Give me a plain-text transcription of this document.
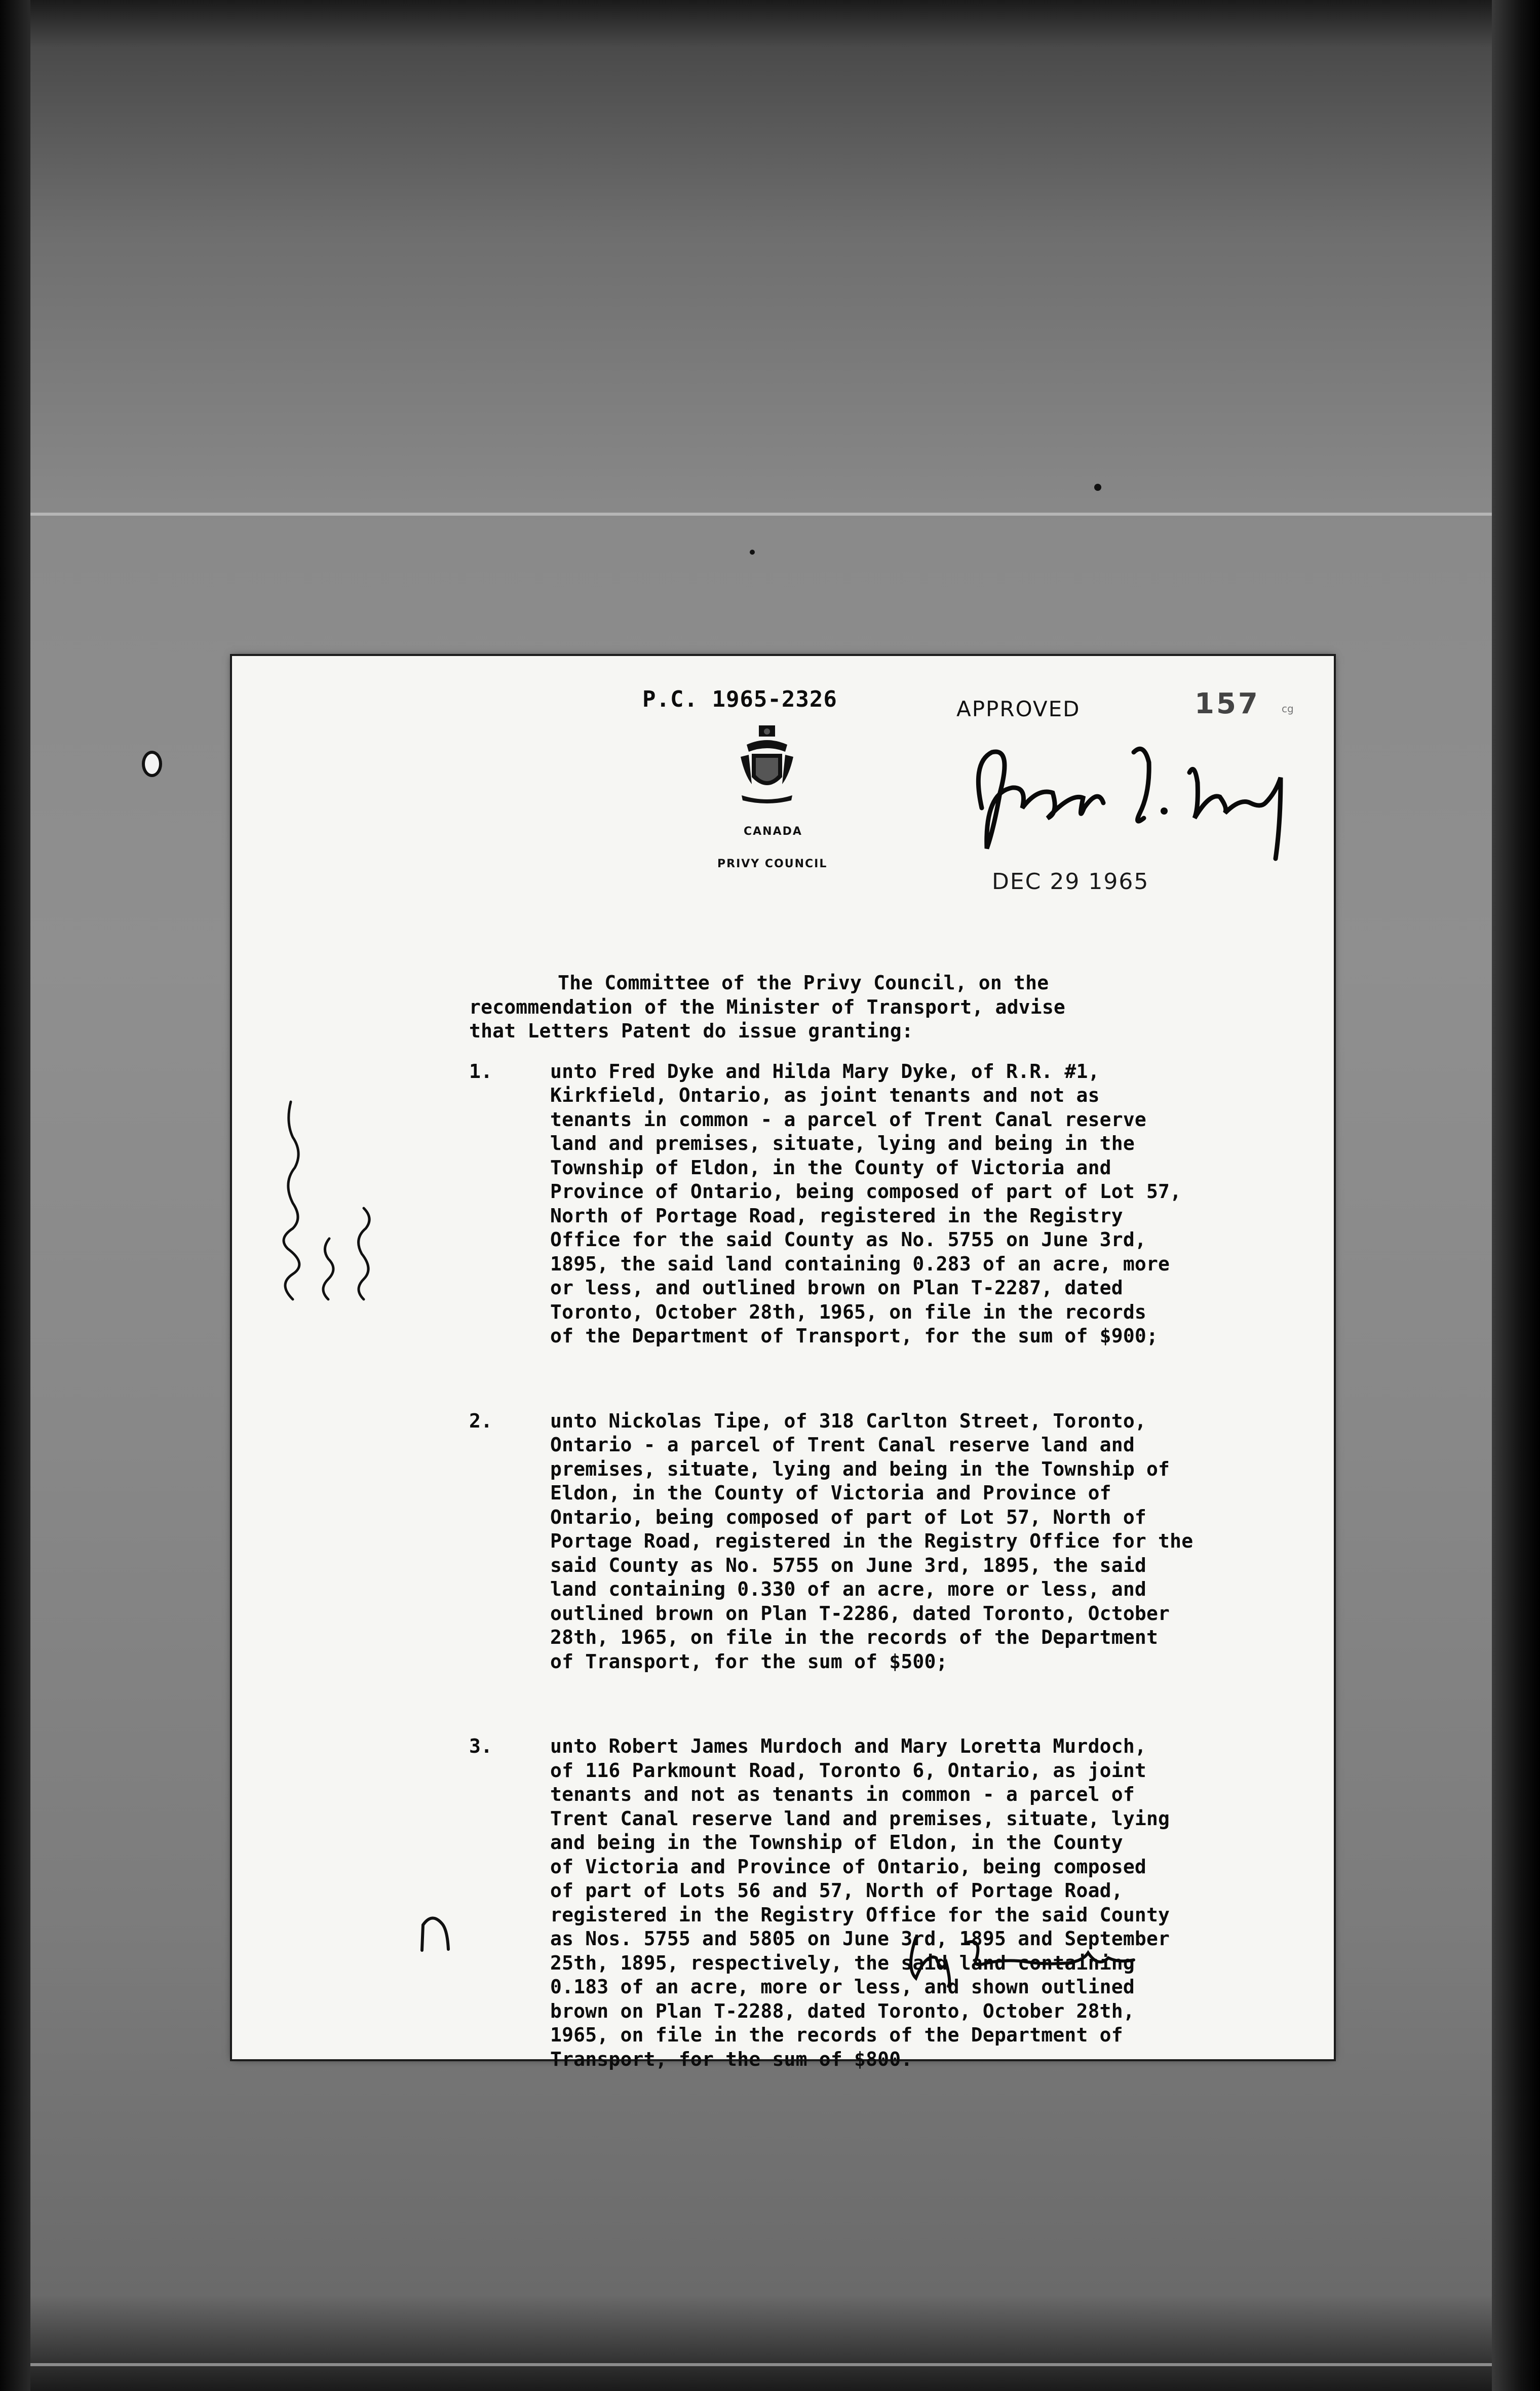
P.C. 1965-2326	APPROVED	157 cg
CANADA
PRIVY COUNCIL
DEC 29 1965

The Committee of the Privy Council, on the
recommendation of the Minister of Transport, advise
that Letters Patent do issue granting:

1.	unto Fred Dyke and Hilda Mary Dyke, of R.R. #1,
Kirkfield, Ontario, as joint tenants and not as
tenants in common - a parcel of Trent Canal reserve
land and premises, situate, lying and being in the
Township of Eldon, in the County of Victoria and
Province of Ontario, being composed of part of Lot 57,
North of Portage Road, registered in the Registry
Office for the said County as No. 5755 on June 3rd,
1895, the said land containing 0.283 of an acre, more
or less, and outlined brown on Plan T-2287, dated
Toronto, October 28th, 1965, on file in the records
of the Department of Transport, for the sum of $900;
2.	unto Nickolas Tipe, of 318 Carlton Street, Toronto,
Ontario - a parcel of Trent Canal reserve land and
premises, situate, lying and being in the Township of
Eldon, in the County of Victoria and Province of
Ontario, being composed of part of Lot 57, North of
Portage Road, registered in the Registry Office for the
said County as No. 5755 on June 3rd, 1895, the said
land containing 0.330 of an acre, more or less, and
outlined brown on Plan T-2286, dated Toronto, October
28th, 1965, on file in the records of the Department
of Transport, for the sum of $500;
3.	unto Robert James Murdoch and Mary Loretta Murdoch,
of 116 Parkmount Road, Toronto 6, Ontario, as joint
tenants and not as tenants in common - a parcel of
Trent Canal reserve land and premises, situate, lying
and being in the Township of Eldon, in the County
of Victoria and Province of Ontario, being composed
of part of Lots 56 and 57, North of Portage Road,
registered in the Registry Office for the said County
as Nos. 5755 and 5805 on June 3rd, 1895 and September
25th, 1895, respectively, the said land containing
0.183 of an acre, more or less, and shown outlined
brown on Plan T-2288, dated Toronto, October 28th,
1965, on file in the records of the Department of
Transport, for the sum of $800.
